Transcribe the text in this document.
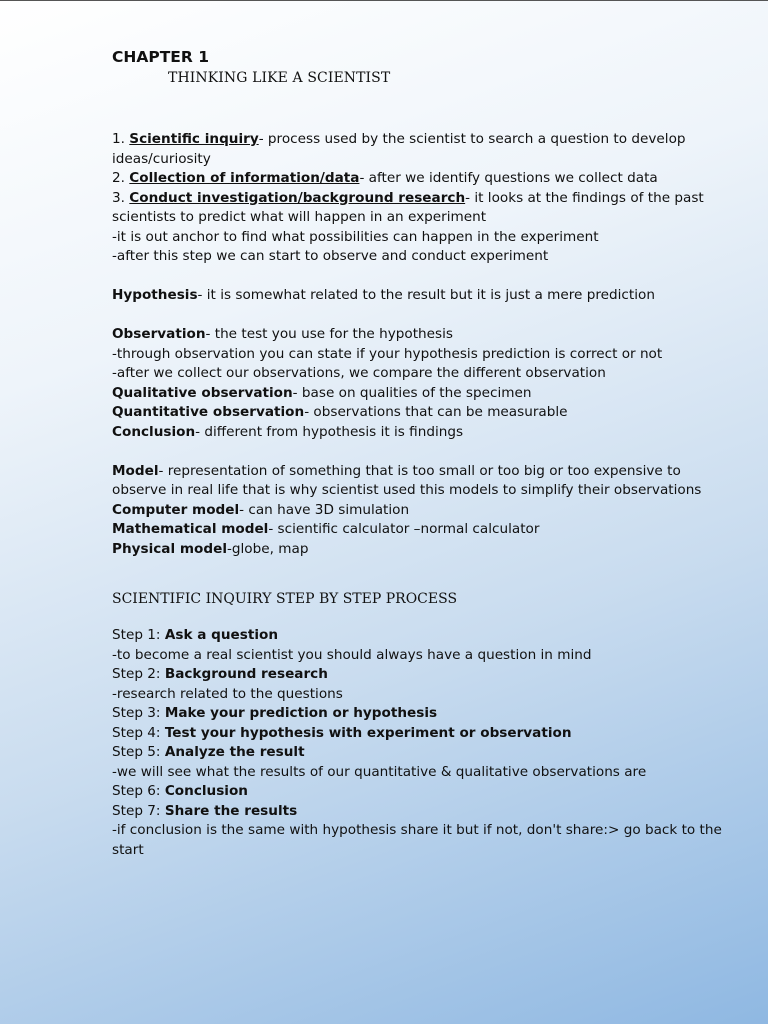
CHAPTER 1

THINKING LIKE A SCIENTIST

1. Scientific inquiry- process used by the scientist to search a question to develop

ideas/curiosity

2. Collection of information/data- after we identify questions we collect data

3. Conduct investigation/background research- it looks at the findings of the past

scientists to predict what will happen in an experiment

-it is out anchor to find what possibilities can happen in the experiment

-after this step we can start to observe and conduct experiment

Hypothesis- it is somewhat related to the result but it is just a mere prediction

Observation- the test you use for the hypothesis

-through observation you can state if your hypothesis prediction is correct or not

-after we collect our observations, we compare the different observation

Qualitative observation- base on qualities of the specimen

Quantitative observation- observations that can be measurable

Conclusion- different from hypothesis it is findings

Model- representation of something that is too small or too big or too expensive to

observe in real life that is why scientist used this models to simplify their observations

Computer model- can have 3D simulation

Mathematical model- scientific calculator –normal calculator

Physical model-globe, map

SCIENTIFIC INQUIRY STEP BY STEP PROCESS

Step 1: Ask a question

-to become a real scientist you should always have a question in mind

Step 2: Background research

-research related to the questions

Step 3: Make your prediction or hypothesis

Step 4: Test your hypothesis with experiment or observation

Step 5: Analyze the result

-we will see what the results of our quantitative & qualitative observations are

Step 6: Conclusion

Step 7: Share the results

-if conclusion is the same with hypothesis share it but if not, don't share:> go back to the start
